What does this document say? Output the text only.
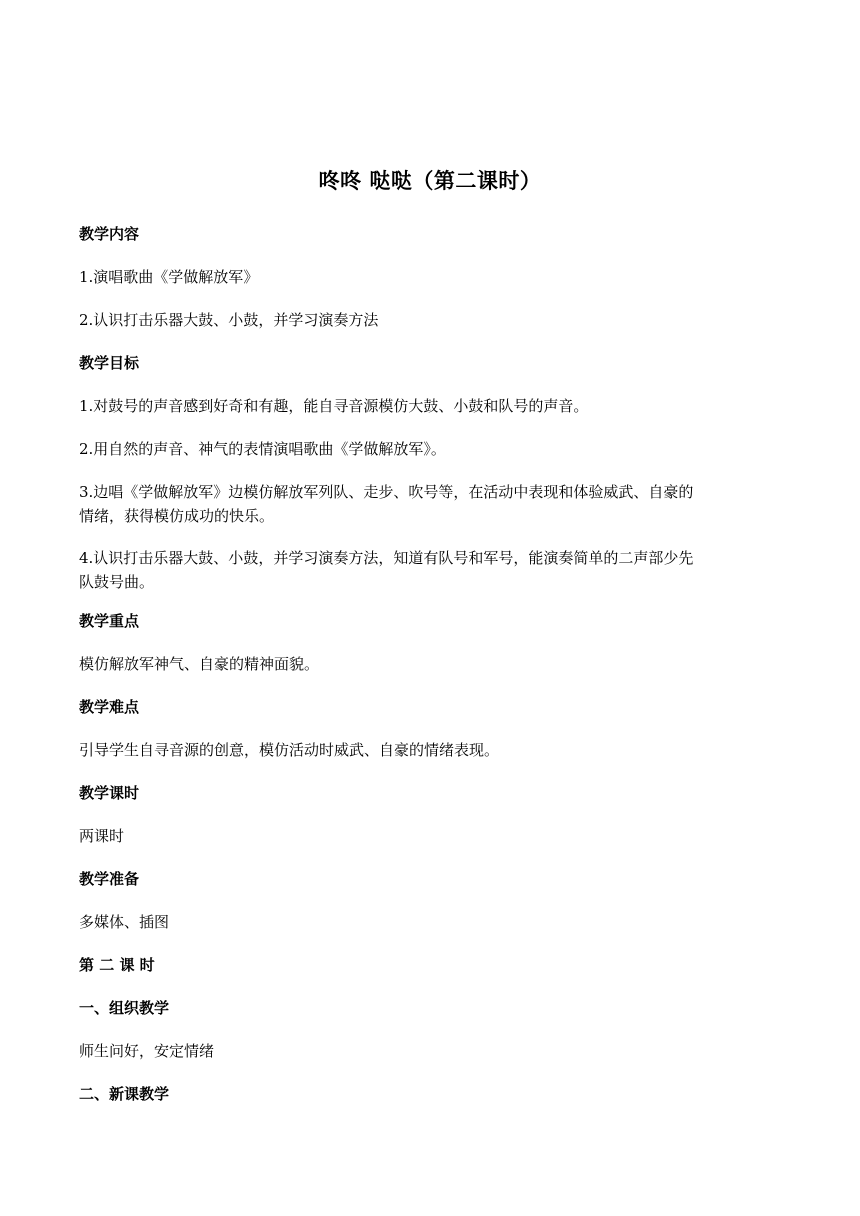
咚咚 哒哒（第二课时）
教学内容
1.演唱歌曲《学做解放军》
2.认识打击乐器大鼓、小鼓，并学习演奏方法
教学目标
1.对鼓号的声音感到好奇和有趣，能自寻音源模仿大鼓、小鼓和队号的声音。
2.用自然的声音、神气的表情演唱歌曲《学做解放军》。
3.边唱《学做解放军》边模仿解放军列队、走步、吹号等，在活动中表现和体验威武、自豪的
情绪，获得模仿成功的快乐。
4.认识打击乐器大鼓、小鼓，并学习演奏方法，知道有队号和军号，能演奏简单的二声部少先
队鼓号曲。
教学重点
模仿解放军神气、自豪的精神面貌。
教学难点
引导学生自寻音源的创意，模仿活动时威武、自豪的情绪表现。
教学课时
两课时
教学准备
多媒体、插图
第 二 课 时
一、组织教学
师生问好，安定情绪
二、新课教学
